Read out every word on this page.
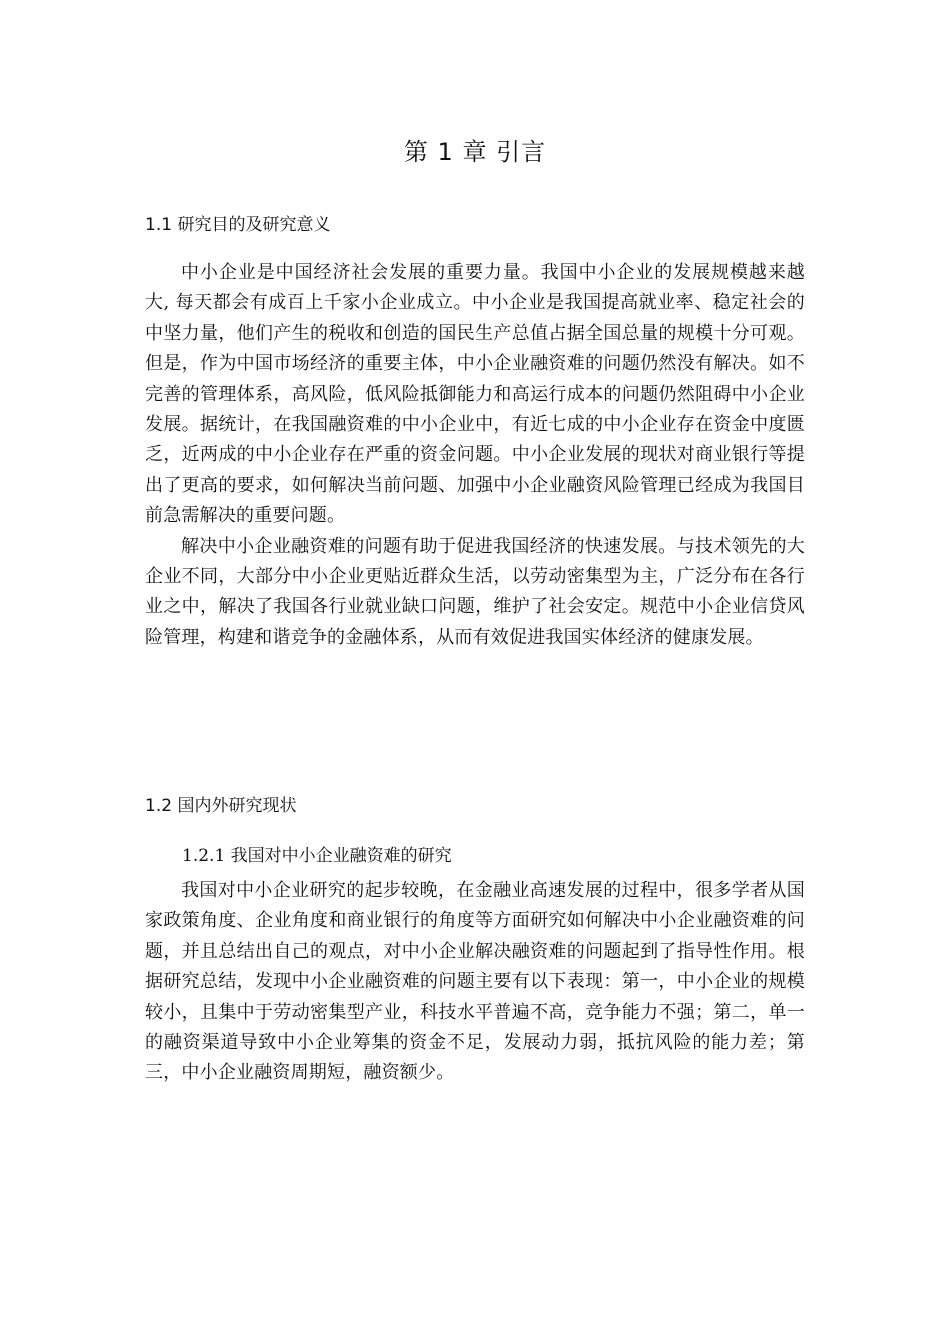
第 1 章 引言
1.1 研究目的及研究意义

中小企业是中国经济社会发展的重要力量。我国中小企业的发展规模越来越大, 每天都会有成百上千家小企业成立。中小企业是我国提高就业率、稳定社会的中坚力量，他们产生的税收和创造的国民生产总值占据全国总量的规模十分可观。但是，作为中国市场经济的重要主体，中小企业融资难的问题仍然没有解决。如不完善的管理体系，高风险，低风险抵御能力和高运行成本的问题仍然阻碍中小企业发展。据统计，在我国融资难的中小企业中，有近七成的中小企业存在资金中度匮乏，近两成的中小企业存在严重的资金问题。中小企业发展的现状对商业银行等提出了更高的要求，如何解决当前问题、加强中小企业融资风险管理已经成为我国目前急需解决的重要问题。

解决中小企业融资难的问题有助于促进我国经济的快速发展。与技术领先的大企业不同，大部分中小企业更贴近群众生活，以劳动密集型为主，广泛分布在各行业之中，解决了我国各行业就业缺口问题，维护了社会安定。规范中小企业信贷风险管理，构建和谐竞争的金融体系，从而有效促进我国实体经济的健康发展。

1.2 国内外研究现状
1.2.1 我国对中小企业融资难的研究

我国对中小企业研究的起步较晚，在金融业高速发展的过程中，很多学者从国家政策角度、企业角度和商业银行的角度等方面研究如何解决中小企业融资难的问题，并且总结出自己的观点，对中小企业解决融资难的问题起到了指导性作用。根据研究总结，发现中小企业融资难的问题主要有以下表现：第一，中小企业的规模较小，且集中于劳动密集型产业，科技水平普遍不高，竞争能力不强；第二，单一的融资渠道导致中小企业筹集的资金不足，发展动力弱，抵抗风险的能力差；第三，中小企业融资周期短，融资额少。
